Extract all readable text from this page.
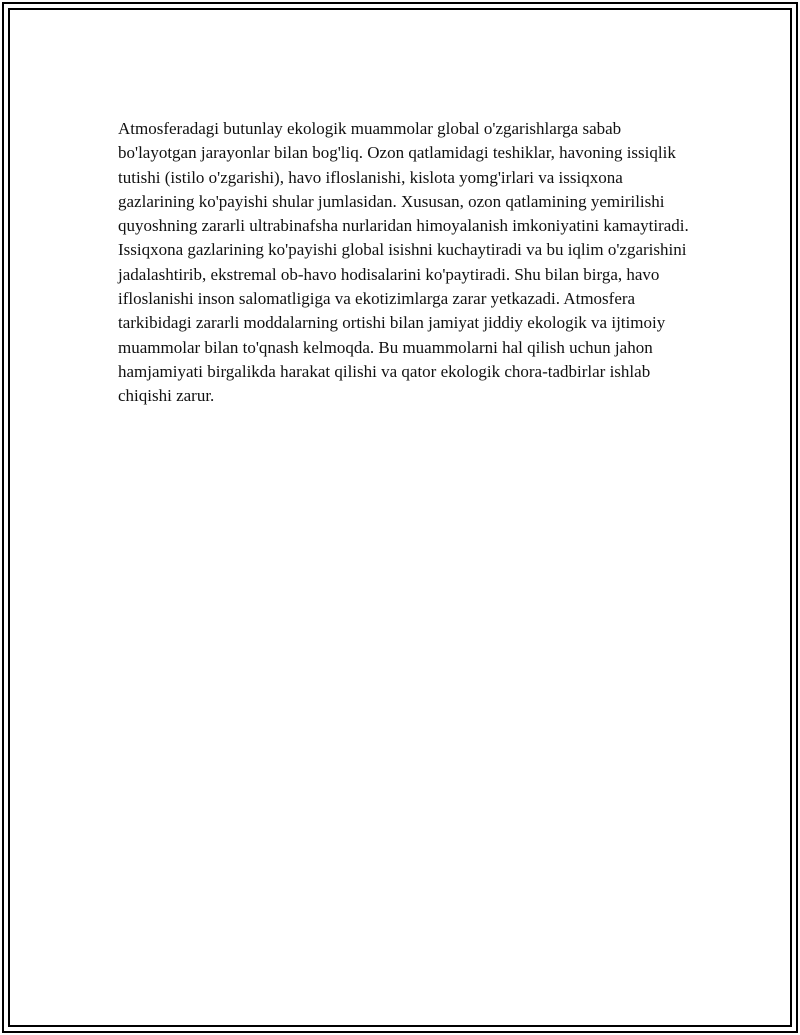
Atmosferadagi butunlay ekologik muammolar global o'zgarishlarga sabab bo'layotgan jarayonlar bilan bog'liq. Ozon qatlamidagi teshiklar, havoning issiqlik tutishi (istilo o'zgarishi), havo ifloslanishi, kislota yomg'irlari va issiqxona gazlarining ko'payishi shular jumlasidan. Xususan, ozon qatlamining yemirilishi quyoshning zararli ultrabinafsha nurlaridan himoyalanish imkoniyatini kamaytiradi. Issiqxona gazlarining ko'payishi global isishni kuchaytiradi va bu iqlim o'zgarishini jadalashtirib, ekstremal ob-havo hodisalarini ko'paytiradi. Shu bilan birga, havo ifloslanishi inson salomatligiga va ekotizimlarga zarar yetkazadi. Atmosfera tarkibidagi zararli moddalarning ortishi bilan jamiyat jiddiy ekologik va ijtimoiy muammolar bilan to'qnash kelmoqda. Bu muammolarni hal qilish uchun jahon hamjamiyati birgalikda harakat qilishi va qator ekologik chora-tadbirlar ishlab chiqishi zarur.
